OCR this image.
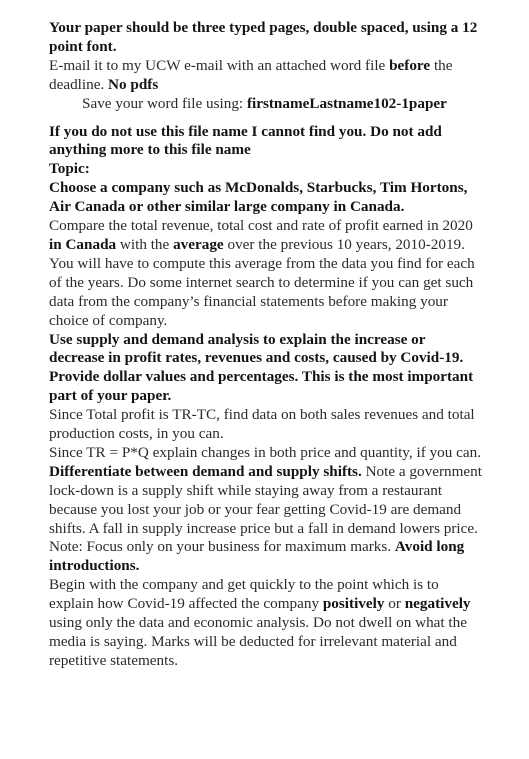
Your paper should be three typed pages, double spaced, using a 12 point font.

E-mail it to my UCW e-mail with an attached word file before the deadline. No pdfs

Save your word file using: firstnameLastname102-1paper

If you do not use this file name I cannot find you. Do not add anything more to this file name

Topic:

Choose a company such as McDonalds, Starbucks, Tim Hortons, Air Canada or other similar large company in Canada.

Compare the total revenue, total cost and rate of profit earned in 2020 in Canada with the average over the previous 10 years, 2010-2019. You will have to compute this average from the data you find for each of the years. Do some internet search to determine if you can get such data from the company’s financial statements before making your choice of company.

Use supply and demand analysis to explain the increase or decrease in profit rates, revenues and costs, caused by Covid-19. Provide dollar values and percentages. This is the most important part of your paper.

Since Total profit is TR-TC, find data on both sales revenues and total production costs, in you can.

Since TR = P*Q explain changes in both price and quantity, if you can.

Differentiate between demand and supply shifts. Note a government lock-down is a supply shift while staying away from a restaurant because you lost your job or your fear getting Covid-19 are demand shifts. A fall in supply increase price but a fall in demand lowers price.

Note: Focus only on your business for maximum marks. Avoid long introductions.

Begin with the company and get quickly to the point which is to explain how Covid-19 affected the company positively or negatively using only the data and economic analysis. Do not dwell on what the media is saying. Marks will be deducted for irrelevant material and repetitive statements.
